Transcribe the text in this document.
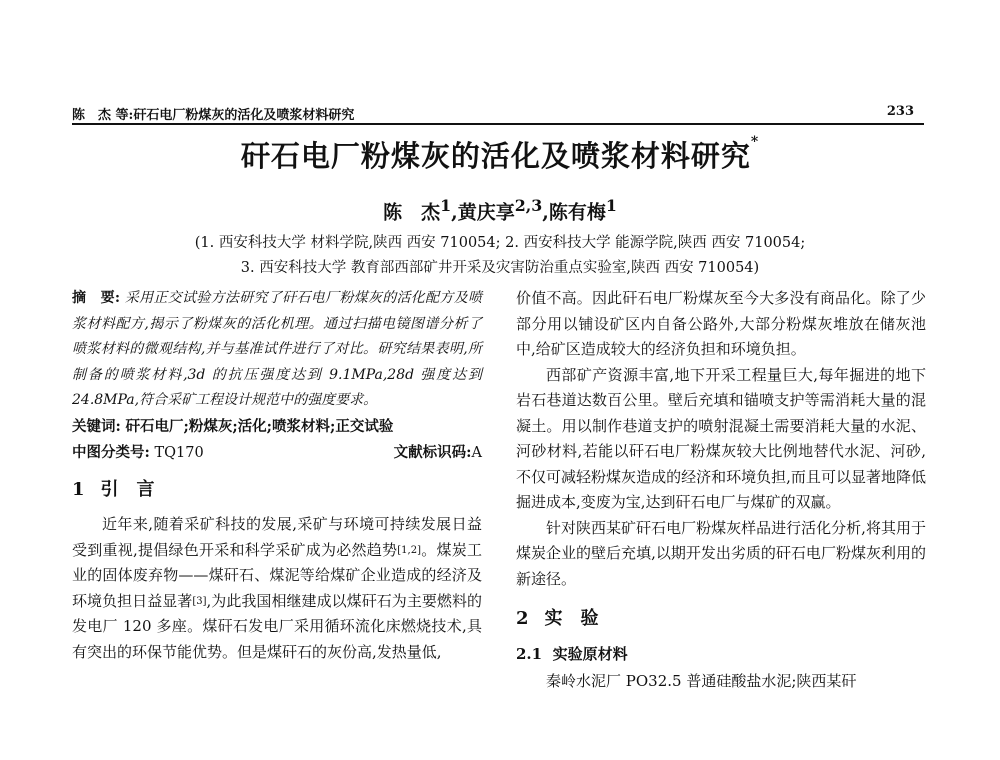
陈　杰 等:矸石电厂粉煤灰的活化及喷浆材料研究	233
矸石电厂粉煤灰的活化及喷浆材料研究*
陈　杰$^1$,黄庆享$^{2,3}$,陈有梅$^1$
(1. 西安科技大学 材料学院,陕西 西安 710054; 2. 西安科技大学 能源学院,陕西 西安 710054;
3. 西安科技大学 教育部西部矿井开采及灾害防治重点实验室,陕西 西安 710054)
摘　要: 采用正交试验方法研究了矸石电厂粉煤灰的活化配方及喷浆材料配方,揭示了粉煤灰的活化机理。通过扫描电镜图谱分析了喷浆材料的微观结构,并与基准试件进行了对比。研究结果表明,所制备的喷浆材料,3d 的抗压强度达到 9.1MPa,28d 强度达到 24.8MPa,符合采矿工程设计规范中的强度要求。
关键词: 矸石电厂;粉煤灰;活化;喷浆材料;正交试验
中图分类号: TQ170	文献标识码:A
1 引　言
近年来,随着采矿科技的发展,采矿与环境可持续发展日益受到重视,提倡绿色开采和科学采矿成为必然趋势[1,2]。煤炭工业的固体废弃物——煤矸石、煤泥等给煤矿企业造成的经济及环境负担日益显著[3],为此我国相继建成以煤矸石为主要燃料的发电厂 120 多座。煤矸石发电厂采用循环流化床燃烧技术,具有突出的环保节能优势。但是煤矸石的灰份高,发热量低,
价值不高。因此矸石电厂粉煤灰至今大多没有商品化。除了少部分用以铺设矿区内自备公路外,大部分粉煤灰堆放在储灰池中,给矿区造成较大的经济负担和环境负担。
西部矿产资源丰富,地下开采工程量巨大,每年掘进的地下岩石巷道达数百公里。壁后充填和锚喷支护等需消耗大量的混凝土。用以制作巷道支护的喷射混凝土需要消耗大量的水泥、河砂材料,若能以矸石电厂粉煤灰较大比例地替代水泥、河砂,不仅可减轻粉煤灰造成的经济和环境负担,而且可以显著地降低掘进成本,变废为宝,达到矸石电厂与煤矿的双赢。
针对陕西某矿矸石电厂粉煤灰样品进行活化分析,将其用于煤炭企业的壁后充填,以期开发出劣质的矸石电厂粉煤灰利用的新途径。
2 实　验
2.1 实验原材料
秦岭水泥厂 PO32.5 普通硅酸盐水泥;陕西某矸
